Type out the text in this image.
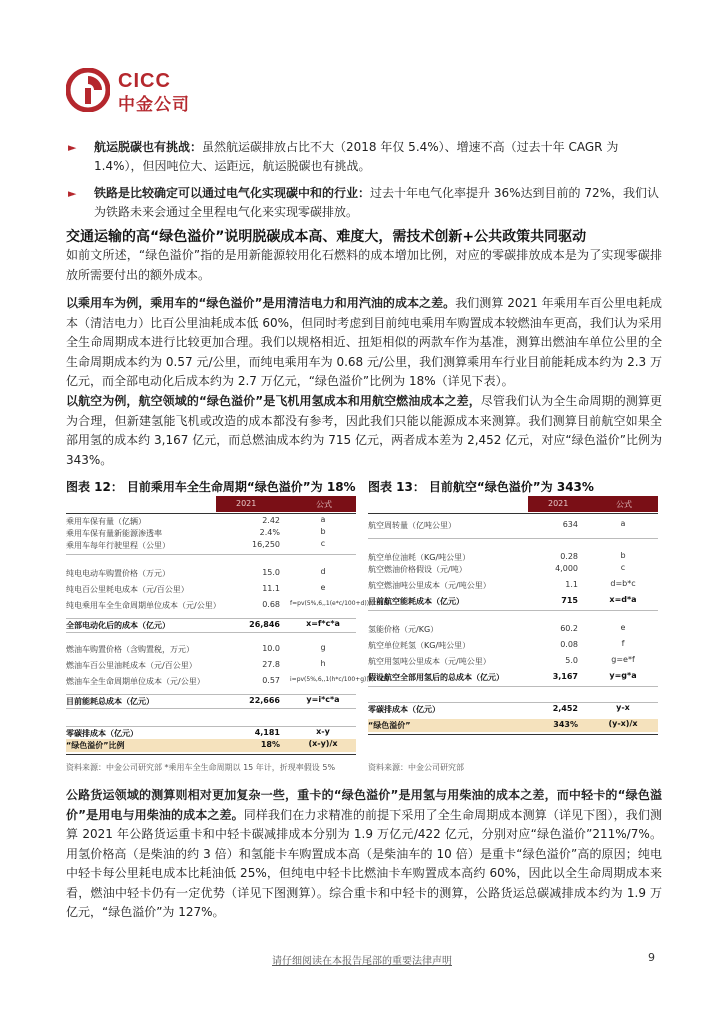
CICC
中金公司
► 航运脱碳也有挑战：虽然航运碳排放占比不大（2018 年仅 5.4%）、增速不高（过去十年 CAGR 为 1.4%），但因吨位大、运距远，航运脱碳也有挑战。
► 铁路是比较确定可以通过电气化实现碳中和的行业：过去十年电气化率提升 36%达到目前的 72%，我们认为铁路未来会通过全里程电气化来实现零碳排放。
交通运输的高“绿色溢价”说明脱碳成本高、难度大，需技术创新+公共政策共同驱动
如前文所述，“绿色溢价”指的是用新能源较用化石燃料的成本增加比例，对应的零碳排放成本是为了实现零碳排放所需要付出的额外成本。
以乘用车为例，乘用车的“绿色溢价”是用清洁电力和用汽油的成本之差。我们测算 2021 年乘用车百公里电耗成本（清洁电力）比百公里油耗成本低 60%，但同时考虑到目前纯电乘用车购置成本较燃油车更高，我们认为采用全生命周期成本进行比较更加合理。我们以规格相近、扭矩相似的两款车作为基准，测算出燃油车单位公里的全生命周期成本约为 0.57 元/公里，而纯电乘用车为 0.68 元/公里，我们测算乘用车行业目前能耗成本约为 2.3 万亿元，而全部电动化后成本约为 2.7 万亿元，“绿色溢价”比例为 18%（详见下表）。
以航空为例，航空领域的“绿色溢价”是飞机用氢成本和用航空燃油成本之差，尽管我们认为全生命周期的测算更为合理，但新建氢能飞机或改造的成本都没有参考，因此我们只能以能源成本来测算。我们测算目前航空如果全部用氢的成本约 3,167 亿元，而总燃油成本约为 715 亿元，两者成本差为 2,452 亿元，对应“绿色溢价”比例为 343%。
图表 12： 目前乘用车全生命周期“绿色溢价”为 18%	图表 13： 目前航空“绿色溢价”为 343%
2021	公式
乘用车保有量（亿辆）	2.42	a
乘用车保有量新能源渗透率	2.4%	b
乘用车每年行驶里程（公里）	16,250	c
纯电电动车购置价格（万元）	15.0	d
纯电百公里耗电成本（元/百公里）	11.1	e
纯电乘用车全生命周期单位成本（元/公里）	0.68 f=pv(5%,6,,1(e*c/100+d))/(c*15)
全部电动化后的成本（亿元）	26,846	x=f*c*a
燃油车购置价格（含购置税，万元）	10.0	g
燃油车百公里油耗成本（元/百公里）	27.8	h
燃油车全生命周期单位成本（元/公里）	0.57 i=pv(5%,6,,1(h*c/100+g))/(c*15)
目前能耗总成本（亿元）	22,666	y=i*c*a
零碳排成本（亿元）	4,181	x-y
“绿色溢价”比例	18%	(x-y)/x
2021	公式
航空周转量（亿吨公里）	634	a
航空单位油耗（KG/吨公里）	0.28	b
航空燃油价格假设（元/吨）	4,000	c
航空燃油吨公里成本（元/吨公里）	1.1	d=b*c
目前航空能耗成本（亿元）	715	x=d*a
氢能价格（元/KG）	60.2	e
航空单位耗氢（KG/吨公里）	0.08	f
航空用氢吨公里成本（元/吨公里）	5.0	g=e*f
假设航空全部用氢后的总成本（亿元）	3,167	y=g*a
零碳排成本（亿元）	2,452	y-x
“绿色溢价”	343%	(y-x)/x
资料来源：中金公司研究部 *乘用车全生命周期以 15 年计，折现率假设 5%	资料来源：中金公司研究部
公路货运领域的测算则相对更加复杂一些，重卡的“绿色溢价”是用氢与用柴油的成本之差，而中轻卡的“绿色溢价”是用电与用柴油的成本之差。同样我们在力求精准的前提下采用了全生命周期成本测算（详见下图），我们测算 2021 年公路货运重卡和中轻卡碳减排成本分别为 1.9 万亿元/422 亿元，分别对应“绿色溢价”211%/7%。用氢价格高（是柴油的约 3 倍）和氢能卡车购置成本高（是柴油车的 10 倍）是重卡“绿色溢价”高的原因；纯电中轻卡每公里耗电成本比耗油低 25%，但纯电中轻卡比燃油卡车购置成本高约 60%，因此以全生命周期成本来看，燃油中轻卡仍有一定优势（详见下图测算）。综合重卡和中轻卡的测算，公路货运总碳减排成本约为 1.9 万亿元，“绿色溢价”为 127%。
请仔细阅读在本报告尾部的重要法律声明	9
